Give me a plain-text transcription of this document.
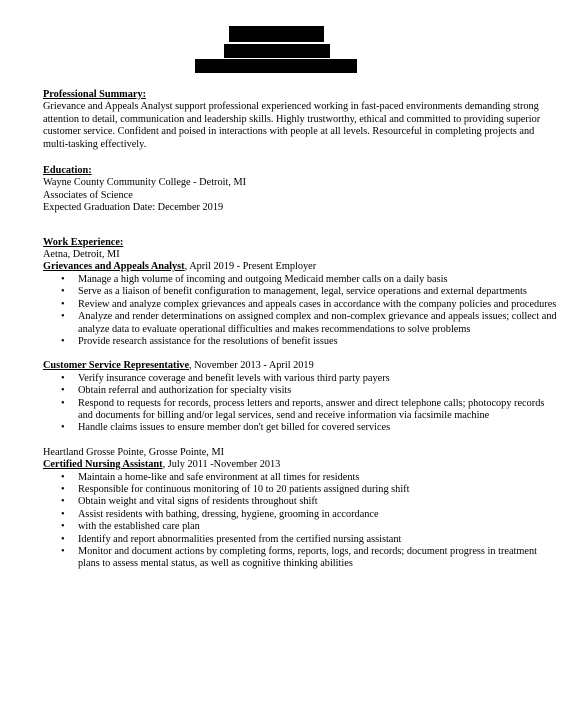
Professional Summary:

Grievance and Appeals Analyst support professional experienced working in fast-paced environments demanding strong attention to detail, communication and leadership skills. Highly trustworthy, ethical and committed to providing superior customer service. Confident and poised in interactions with people at all levels. Resourceful in completing projects and multi-tasking effectively.

Education:
Wayne County Community College - Detroit, MI
Associates of Science
Expected Graduation Date: December 2019
Work Experience:
Aetna, Detroit, MI
Grievances and Appeals Analyst, April 2019 - Present Employer
• Manage a high volume of incoming and outgoing Medicaid member calls on a daily basis
• Serve as a liaison of benefit configuration to management, legal, service operations and external departments
• Review and analyze complex grievances and appeals cases in accordance with the company policies and procedures
• Analyze and render determinations on assigned complex and non-complex grievance and appeals issues; collect and analyze data to evaluate operational difficulties and makes recommendations to solve problems
• Provide research assistance for the resolutions of benefit issues
Customer Service Representative, November 2013 - April 2019
• Verify insurance coverage and benefit levels with various third party payers
• Obtain referral and authorization for specialty visits
• Respond to requests for records, process letters and reports, answer and direct telephone calls; photocopy records and documents for billing and/or legal services, send and receive information via facsimile machine
• Handle claims issues to ensure member don't get billed for covered services
Heartland Grosse Pointe, Grosse Pointe, MI
Certified Nursing Assistant, July 2011 -November 2013
• Maintain a home-like and safe environment at all times for residents
• Responsible for continuous monitoring of 10 to 20 patients assigned during shift
• Obtain weight and vital signs of residents throughout shift
• Assist residents with bathing, dressing, hygiene, grooming in accordance
• with the established care plan
• Identify and report abnormalities presented from the certified nursing assistant
• Monitor and document actions by completing forms, reports, logs, and records; document progress in treatment plans to assess mental status, as well as cognitive thinking abilities
